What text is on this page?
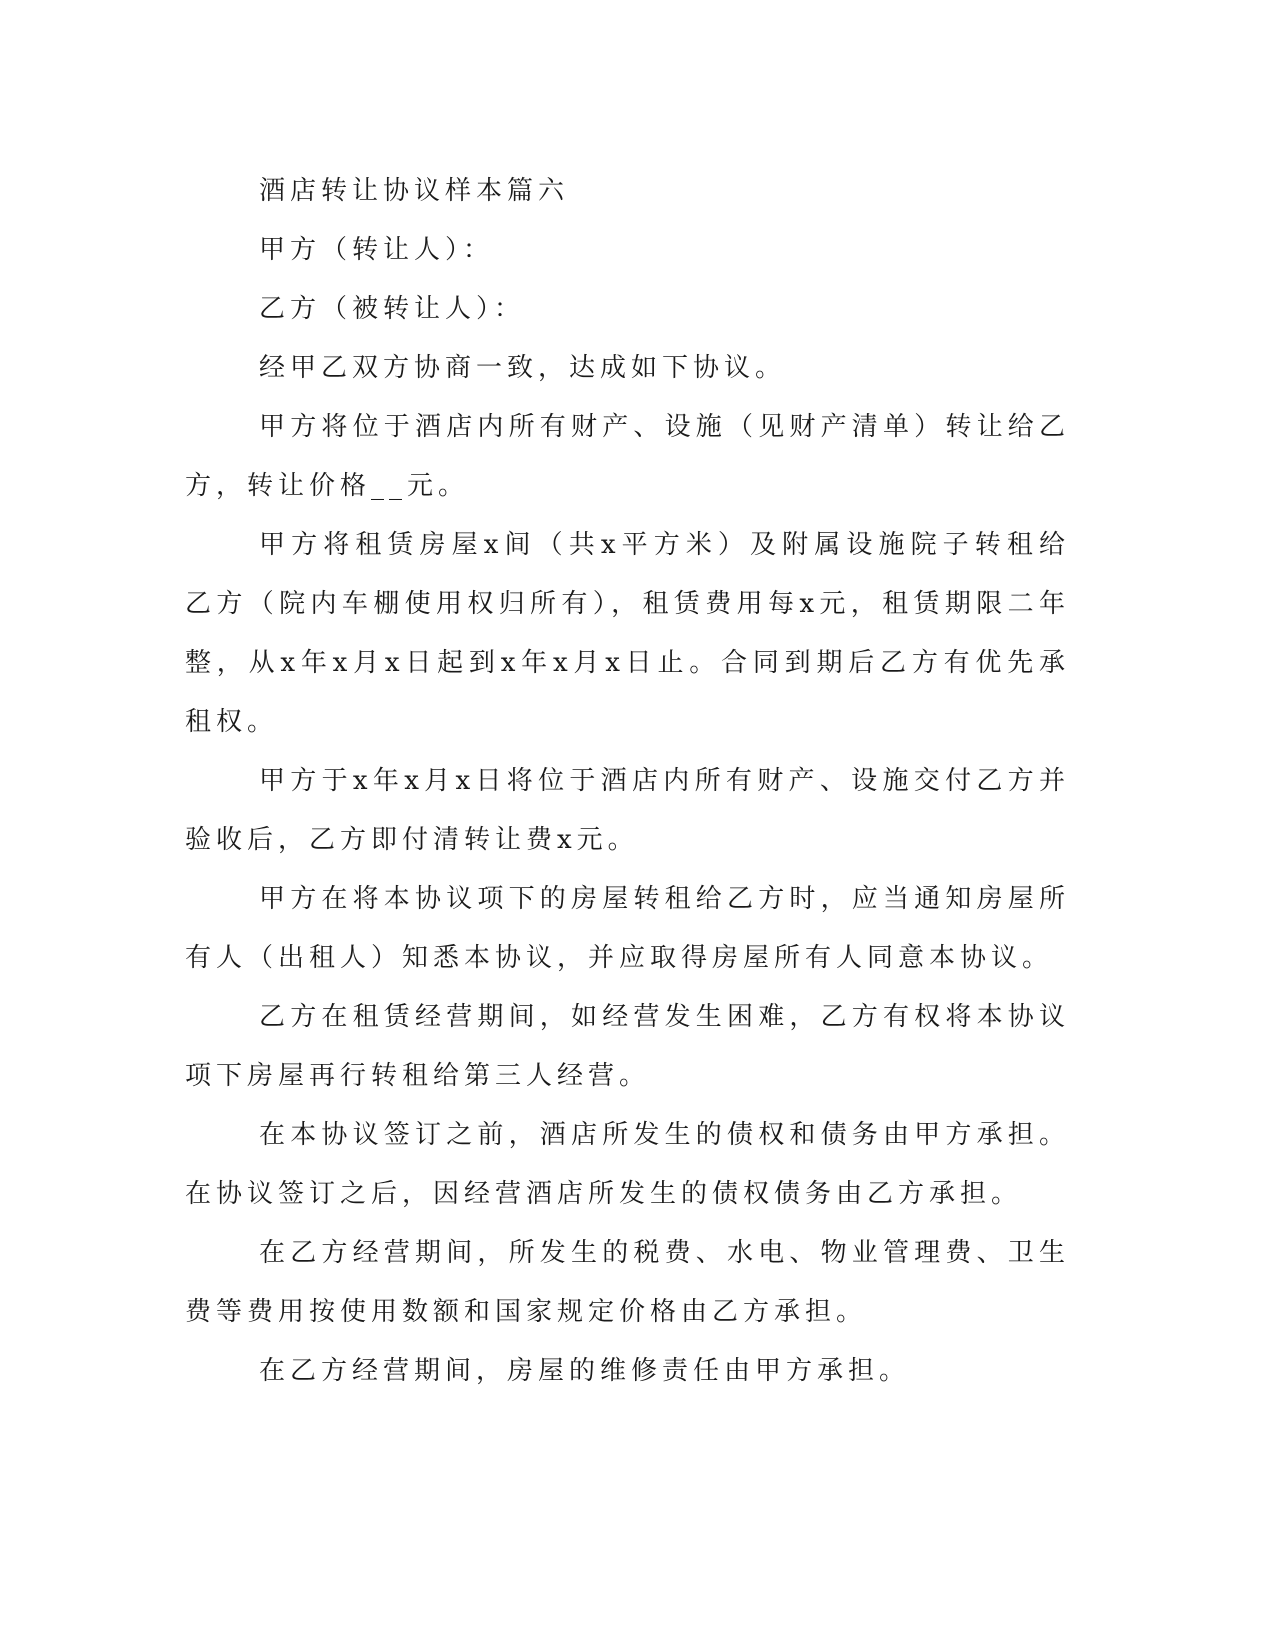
酒店转让协议样本篇六

甲方（转让人）：

乙方（被转让人）：

经甲乙双方协商一致，达成如下协议。

甲方将位于酒店内所有财产、设施（见财产清单）转让给乙方，转让价格__元。

甲方将租赁房屋x间（共x平方米）及附属设施院子转租给乙方（院内车棚使用权归所有），租赁费用每x元，租赁期限二年整，从x年x月x日起到x年x月x日止。合同到期后乙方有优先承租权。

甲方于x年x月x日将位于酒店内所有财产、设施交付乙方并验收后，乙方即付清转让费x元。

甲方在将本协议项下的房屋转租给乙方时，应当通知房屋所有人（出租人）知悉本协议，并应取得房屋所有人同意本协议。

乙方在租赁经营期间，如经营发生困难，乙方有权将本协议项下房屋再行转租给第三人经营。

在本协议签订之前，酒店所发生的债权和债务由甲方承担。在协议签订之后，因经营酒店所发生的债权债务由乙方承担。

在乙方经营期间，所发生的税费、水电、物业管理费、卫生费等费用按使用数额和国家规定价格由乙方承担。

在乙方经营期间，房屋的维修责任由甲方承担。
